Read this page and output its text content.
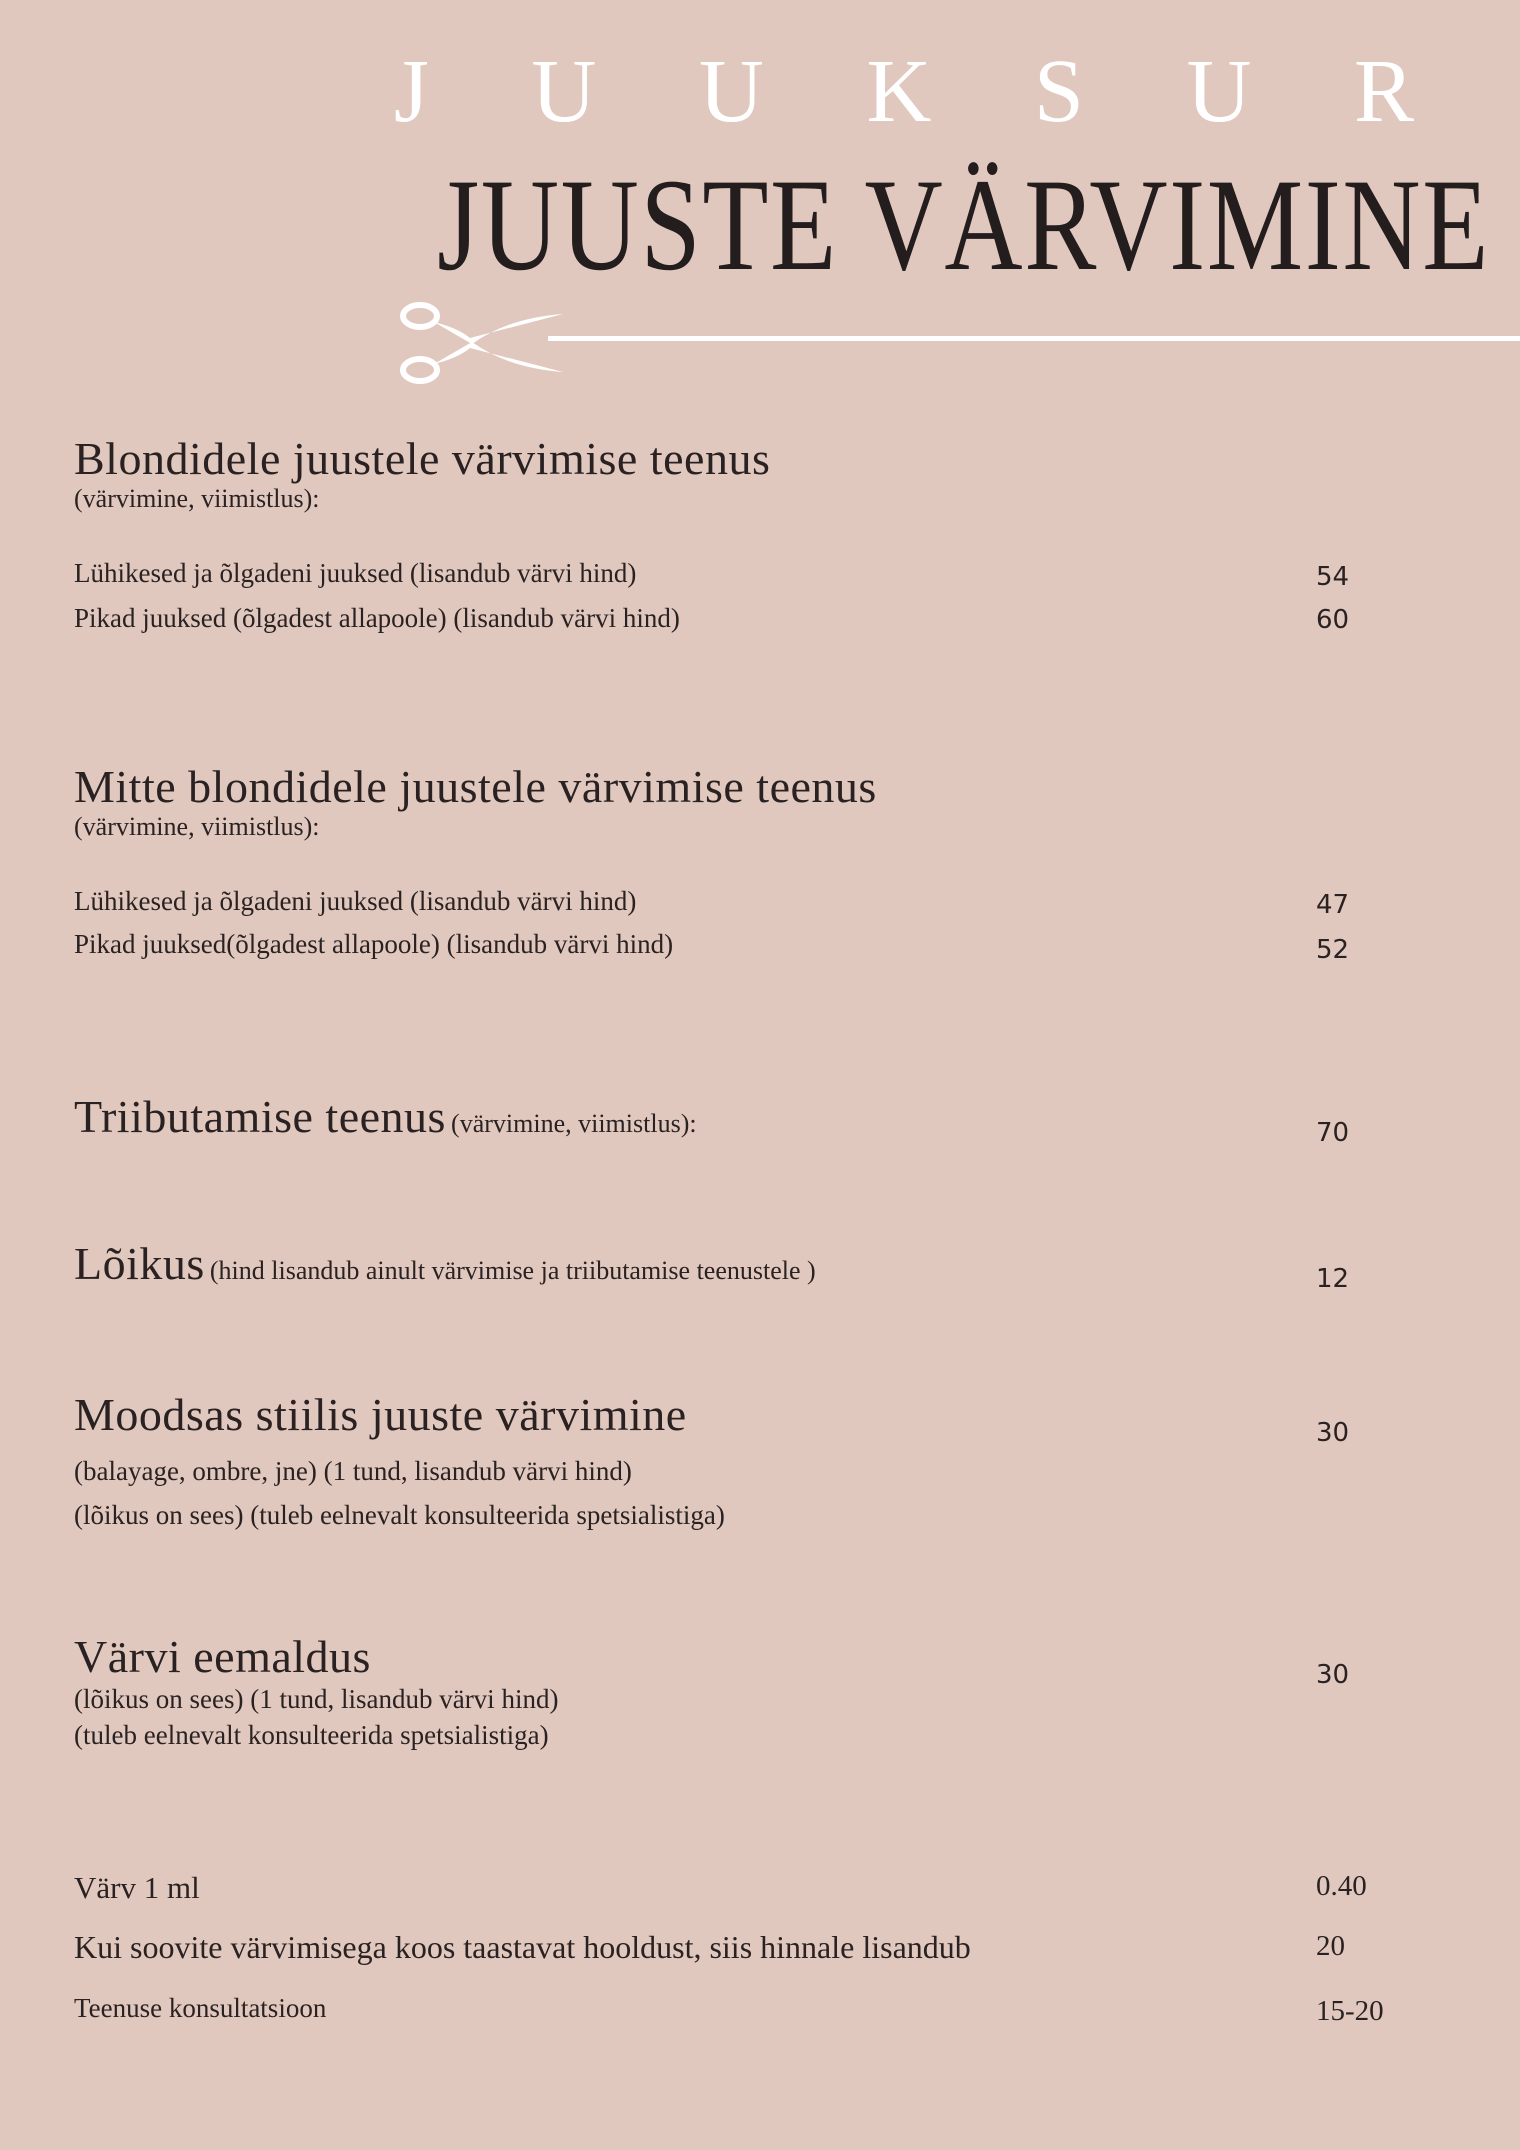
J U U K S U R
JUUSTE VÄRVIMINE
Blondidele juustele värvimise teenus
(värvimine, viimistlus):
Lühikesed ja õlgadeni juuksed (lisandub värvi hind)	54
Pikad juuksed (õlgadest allapoole) (lisandub värvi hind)	60
Mitte blondidele juustele värvimise teenus
(värvimine, viimistlus):
Lühikesed ja õlgadeni juuksed (lisandub värvi hind)	47
Pikad juuksed(õlgadest allapoole) (lisandub värvi hind)	52
Triibutamise teenus (värvimine, viimistlus):	70
Lõikus (hind lisandub ainult värvimise ja triibutamise teenustele )	12
Moodsas stiilis juuste värvimine	30
(balayage, ombre, jne) (1 tund, lisandub värvi hind)
(lõikus on sees) (tuleb eelnevalt konsulteerida spetsialistiga)
Värvi eemaldus	30
(lõikus on sees) (1 tund, lisandub värvi hind)
(tuleb eelnevalt konsulteerida spetsialistiga)
Värv 1 ml	0.40
Kui soovite värvimisega koos taastavat hooldust, siis hinnale lisandub	20
Teenuse konsultatsioon	15-20
